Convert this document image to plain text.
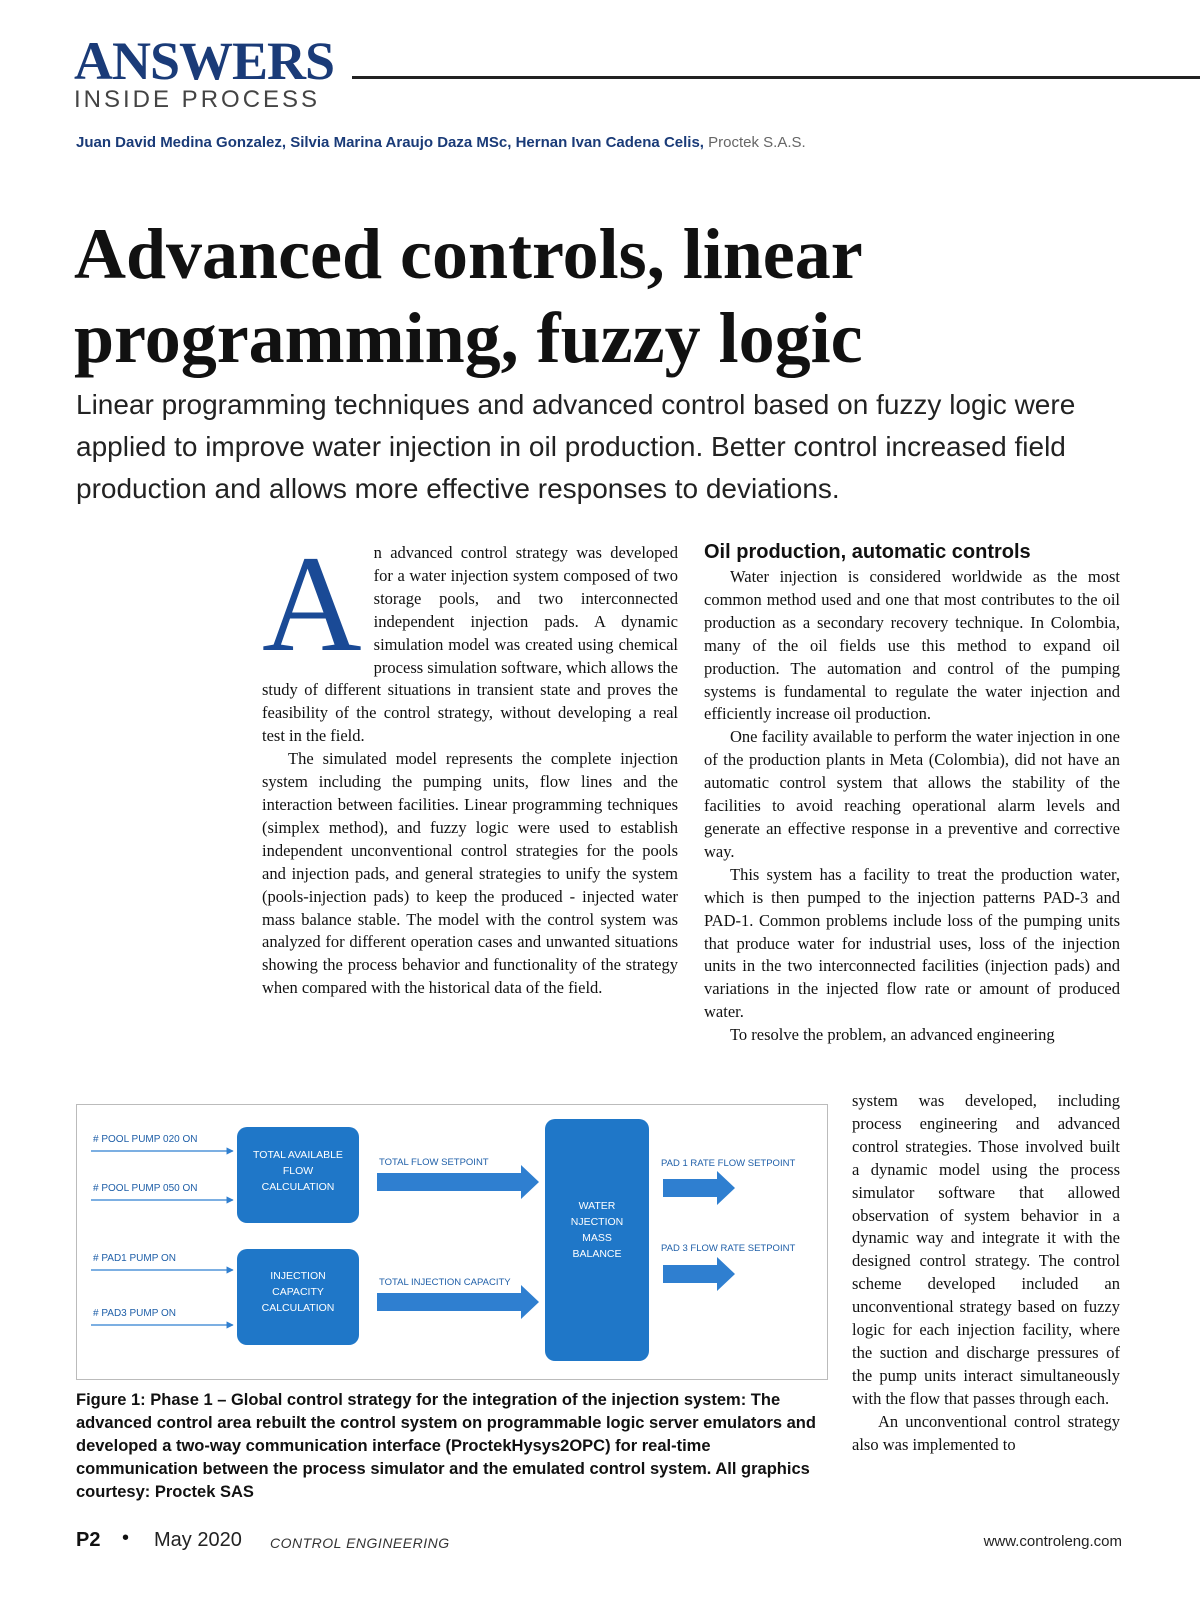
ANSWERS
INSIDE PROCESS
Juan David Medina Gonzalez, Silvia Marina Araujo Daza MSc, Hernan Ivan Cadena Celis, Proctek S.A.S.
Advanced controls, linear
programming, fuzzy logic
Linear programming techniques and advanced control based on fuzzy logic were applied to improve water injection in oil production. Better control increased field production and allows more effective responses to deviations.
A n advanced control strategy was developed for a water injection system composed of two storage pools, and two interconnected independent injection pads. A dynamic simulation model was created using chemical process simulation software, which allows the study of different situations in transient state and proves the feasibility of the control strategy, without developing a real test in the field.

The simulated model represents the complete injection system including the pumping units, flow lines and the interaction between facilities. Linear programming techniques (simplex method), and fuzzy logic were used to establish independent unconventional control strategies for the pools and injection pads, and general strategies to unify the system (pools-injection pads) to keep the produced - injected water mass balance stable. The model with the control system was analyzed for different operation cases and unwanted situations showing the process behavior and functionality of the strategy when compared with the historical data of the field.

Oil production, automatic controls

Water injection is considered worldwide as the most common method used and one that most contributes to the oil production as a secondary recovery technique. In Colombia, many of the oil fields use this method to expand oil production. The automation and control of the pumping systems is fundamental to regulate the water injection and efficiently increase oil production.

One facility available to perform the water injection in one of the production plants in Meta (Colombia), did not have an automatic control system that allows the stability of the facilities to avoid reaching operational alarm levels and generate an effective response in a preventive and corrective way.

This system has a facility to treat the production water, which is then pumped to the injection patterns PAD-3 and PAD-1. Common problems include loss of the pumping units that produce water for industrial uses, loss of the injection units in the two interconnected facilities (injection pads) and variations in the injected flow rate or amount of produced water.

To resolve the problem, an advanced engineering

system was developed, including process engineering and advanced control strategies. Those involved built a dynamic model using the process simulator software that allowed observation of system behavior in a dynamic way and integrate it with the designed control strategy. The control scheme developed included an unconventional strategy based on fuzzy logic for each injection facility, where the suction and discharge pressures of the pump units interact simultaneously with the flow that passes through each.

An unconventional control strategy also was implemented to

# POOL PUMP 020 ON
# POOL PUMP 050 ON
# PAD1 PUMP ON
# PAD3 PUMP ON
TOTAL AVAILABLE
FLOW
CALCULATION
INJECTION
CAPACITY
CALCULATION
TOTAL FLOW SETPOINT
TOTAL INJECTION CAPACITY
WATER
NJECTION
MASS
BALANCE
PAD 1 RATE FLOW SETPOINT
PAD 3 FLOW RATE SETPOINT
Figure 1: Phase 1 – Global control strategy for the integration of the injection system: The advanced control area rebuilt the control system on programmable logic server emulators and developed a two-way communication interface (ProctekHysys2OPC) for real-time communication between the process simulator and the emulated control system. All graphics courtesy: Proctek SAS
P2 • May 2020 CONTROL ENGINEERING	www.controleng.com
